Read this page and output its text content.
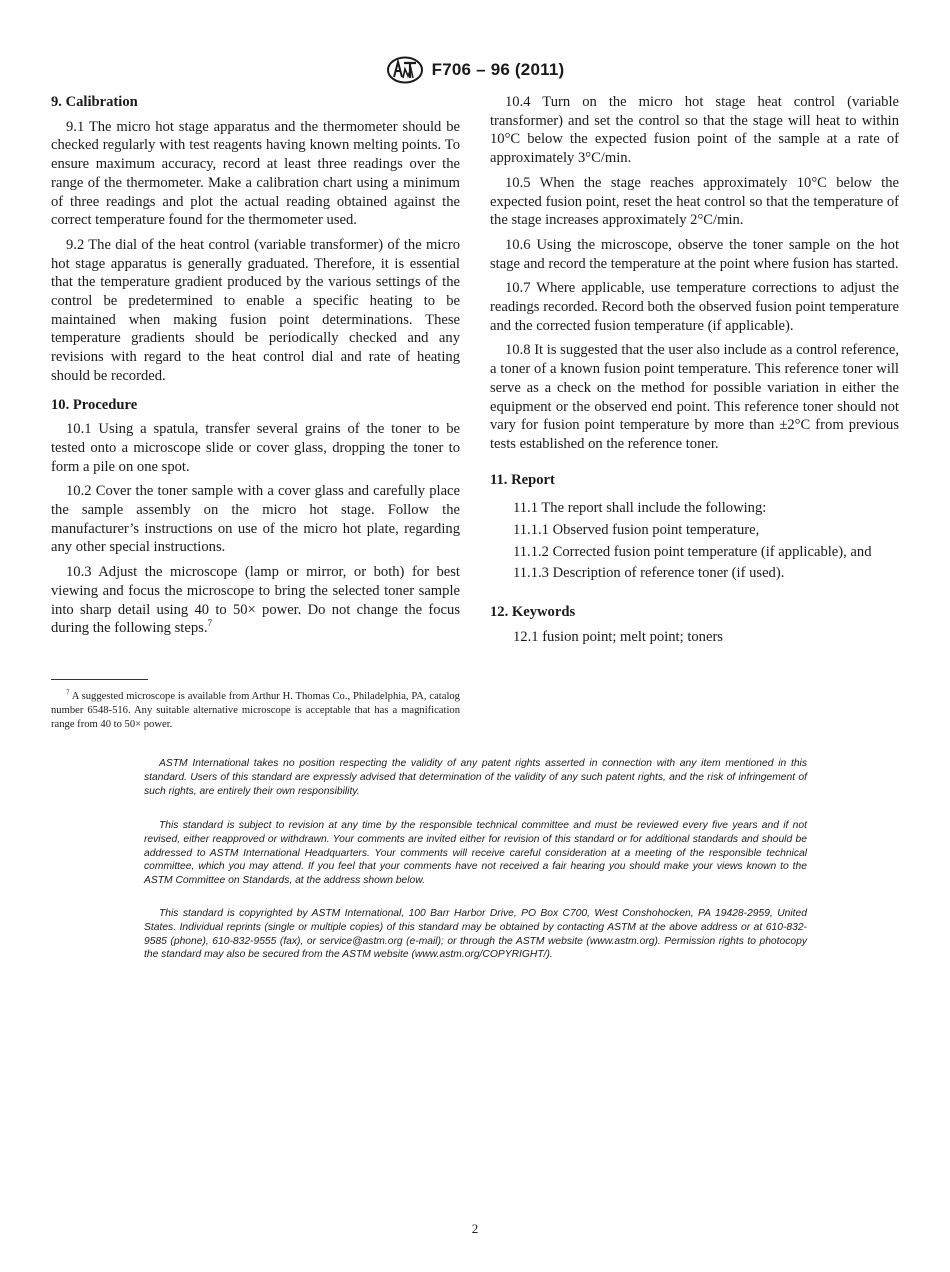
F706 – 96 (2011)

9. Calibration

9.1 The micro hot stage apparatus and the thermometer should be checked regularly with test reagents having known melting points. To ensure maximum accuracy, record at least three readings over the range of the thermometer. Make a calibration chart using a minimum of three readings and plot the actual reading obtained against the correct temperature found for the thermometer used.

9.2 The dial of the heat control (variable transformer) of the micro hot stage apparatus is generally graduated. Therefore, it is essential that the temperature gradient produced by the various settings of the control be predetermined to enable a specific heating to be maintained when making fusion point determinations. These temperature gradients should be periodically checked and any revisions with regard to the heat control dial and rate of heating should be recorded.

10. Procedure

10.1 Using a spatula, transfer several grains of the toner to be tested onto a microscope slide or cover glass, dropping the toner to form a pile on one spot.

10.2 Cover the toner sample with a cover glass and carefully place the sample assembly on the micro hot stage. Follow the manufacturer’s instructions on use of the micro hot plate, regarding any other special instructions.

10.3 Adjust the microscope (lamp or mirror, or both) for best viewing and focus the microscope to bring the selected toner sample into sharp detail using 40 to 50× power. Do not change the focus during the following steps.$^7$

$^7$ A suggested microscope is available from Arthur H. Thomas Co., Philadelphia, PA, catalog number 6548-516. Any suitable alternative microscope is acceptable that has a magnification range from 40 to 50× power.

10.4 Turn on the micro hot stage heat control (variable transformer) and set the control so that the stage will heat to within 10°C below the expected fusion point of the sample at a rate of approximately 3°C/min.

10.5 When the stage reaches approximately 10°C below the expected fusion point, reset the heat control so that the temperature of the stage increases approximately 2°C/min.

10.6 Using the microscope, observe the toner sample on the hot stage and record the temperature at the point where fusion has started.

10.7 Where applicable, use temperature corrections to adjust the readings recorded. Record both the observed fusion point temperature and the corrected fusion temperature (if applicable).

10.8 It is suggested that the user also include as a control reference, a toner of a known fusion point temperature. This reference toner will serve as a check on the method for possible variation in either the equipment or the observed end point. This reference toner should not vary for fusion point temperature by more than ±2°C from previous tests established on the reference toner.

11. Report

11.1 The report shall include the following:

11.1.1 Observed fusion point temperature,

11.1.2 Corrected fusion point temperature (if applicable), and

11.1.3 Description of reference toner (if used).

12. Keywords

12.1 fusion point; melt point; toners

ASTM International takes no position respecting the validity of any patent rights asserted in connection with any item mentioned in this standard. Users of this standard are expressly advised that determination of the validity of any such patent rights, and the risk of infringement of such rights, are entirely their own responsibility.

This standard is subject to revision at any time by the responsible technical committee and must be reviewed every five years and if not revised, either reapproved or withdrawn. Your comments are invited either for revision of this standard or for additional standards and should be addressed to ASTM International Headquarters. Your comments will receive careful consideration at a meeting of the responsible technical committee, which you may attend. If you feel that your comments have not received a fair hearing you should make your views known to the ASTM Committee on Standards, at the address shown below.

This standard is copyrighted by ASTM International, 100 Barr Harbor Drive, PO Box C700, West Conshohocken, PA 19428-2959, United States. Individual reprints (single or multiple copies) of this standard may be obtained by contacting ASTM at the above address or at 610-832-9585 (phone), 610-832-9555 (fax), or service@astm.org (e-mail); or through the ASTM website (www.astm.org). Permission rights to photocopy the standard may also be secured from the ASTM website (www.astm.org/COPYRIGHT/).

2
